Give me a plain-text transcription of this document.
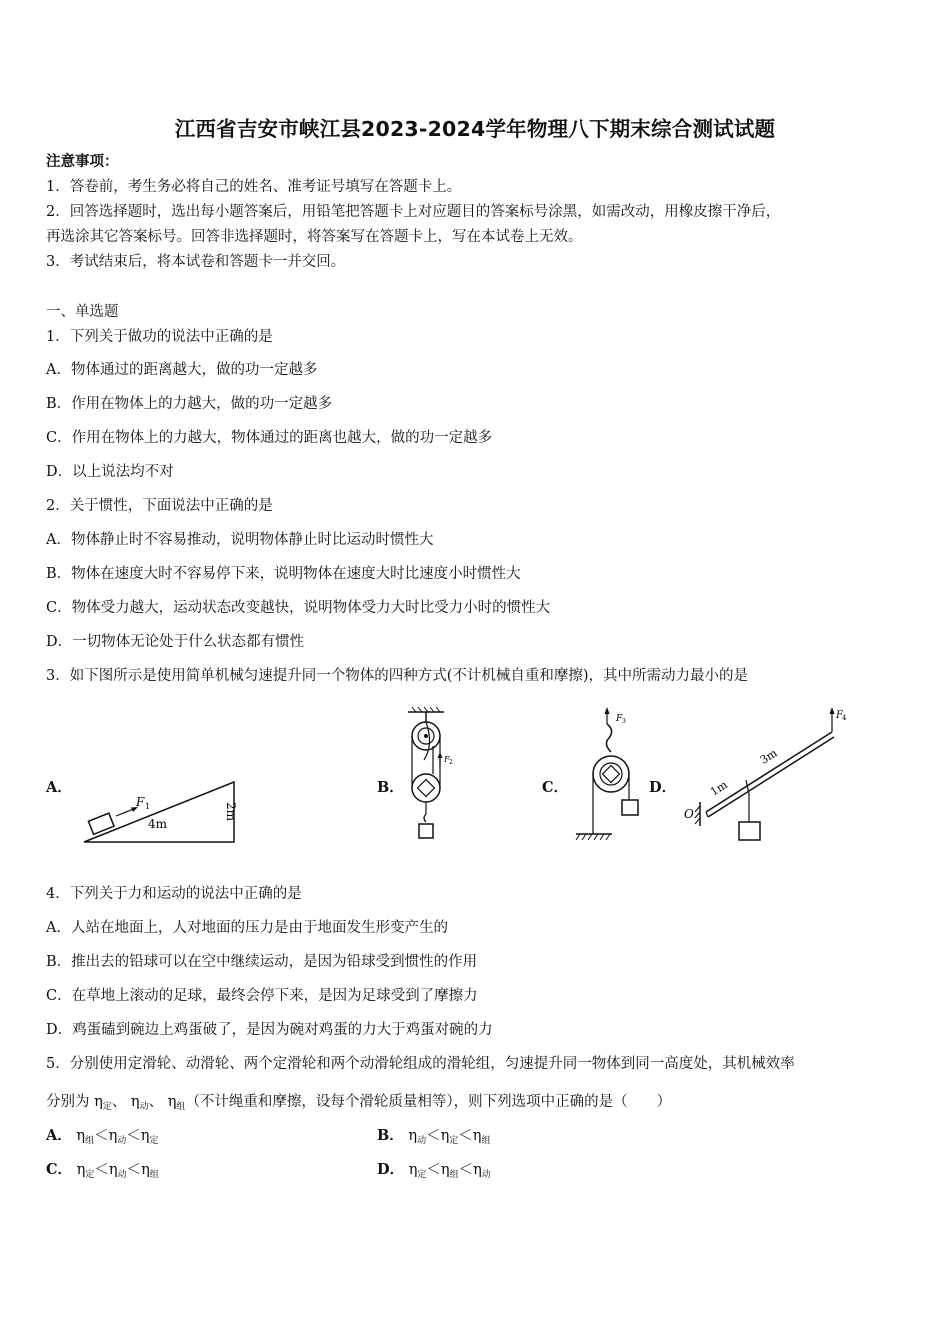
江西省吉安市峡江县2023-2024学年物理八下期末综合测试试题
注意事项：
1．答卷前，考生务必将自己的姓名、准考证号填写在答题卡上。
2．回答选择题时，选出每小题答案后，用铅笔把答题卡上对应题目的答案标号涂黑，如需改动，用橡皮擦干净后，
再选涂其它答案标号。回答非选择题时，将答案写在答题卡上，写在本试卷上无效。
3．考试结束后，将本试卷和答题卡一并交回。
一、单选题
1．下列关于做功的说法中正确的是
A．物体通过的距离越大，做的功一定越多
B．作用在物体上的力越大，做的功一定越多
C．作用在物体上的力越大，物体通过的距离也越大，做的功一定越多
D．以上说法均不对
2．关于惯性，下面说法中正确的是
A．物体静止时不容易推动，说明物体静止时比运动时惯性大
B．物体在速度大时不容易停下来，说明物体在速度大时比速度小时惯性大
C．物体受力越大，运动状态改变越快，说明物体受力大时比受力小时的惯性大
D．一切物体无论处于什么状态都有惯性
3．如下图所示是使用简单机械匀速提升同一个物体的四种方式(不计机械自重和摩擦)，其中所需动力最小的是
A．	B．	C．	D．
F 1
4m
2m
F 2
F 3
O
1m
3m
F 4
4．下列关于力和运动的说法中正确的是
A．人站在地面上，人对地面的压力是由于地面发生形变产生的
B．推出去的铅球可以在空中继续运动，是因为铅球受到惯性的作用
C．在草地上滚动的足球，最终会停下来，是因为足球受到了摩擦力
D．鸡蛋磕到碗边上鸡蛋破了，是因为碗对鸡蛋的力大于鸡蛋对碗的力
5．分别使用定滑轮、动滑轮、两个定滑轮和两个动滑轮组成的滑轮组，匀速提升同一物体到同一高度处，其机械效率
分别为 $\eta_定$、 $\eta_动$、 $\eta_组$（不计绳重和摩擦，设每个滑轮质量相等），则下列选项中正确的是（　　）
A． $\eta_组<\eta_动<\eta_定$	B． $\eta_动<\eta_定<\eta_组$
C． $\eta_定<\eta_动<\eta_组$	D． $\eta_定<\eta_组<\eta_动$
